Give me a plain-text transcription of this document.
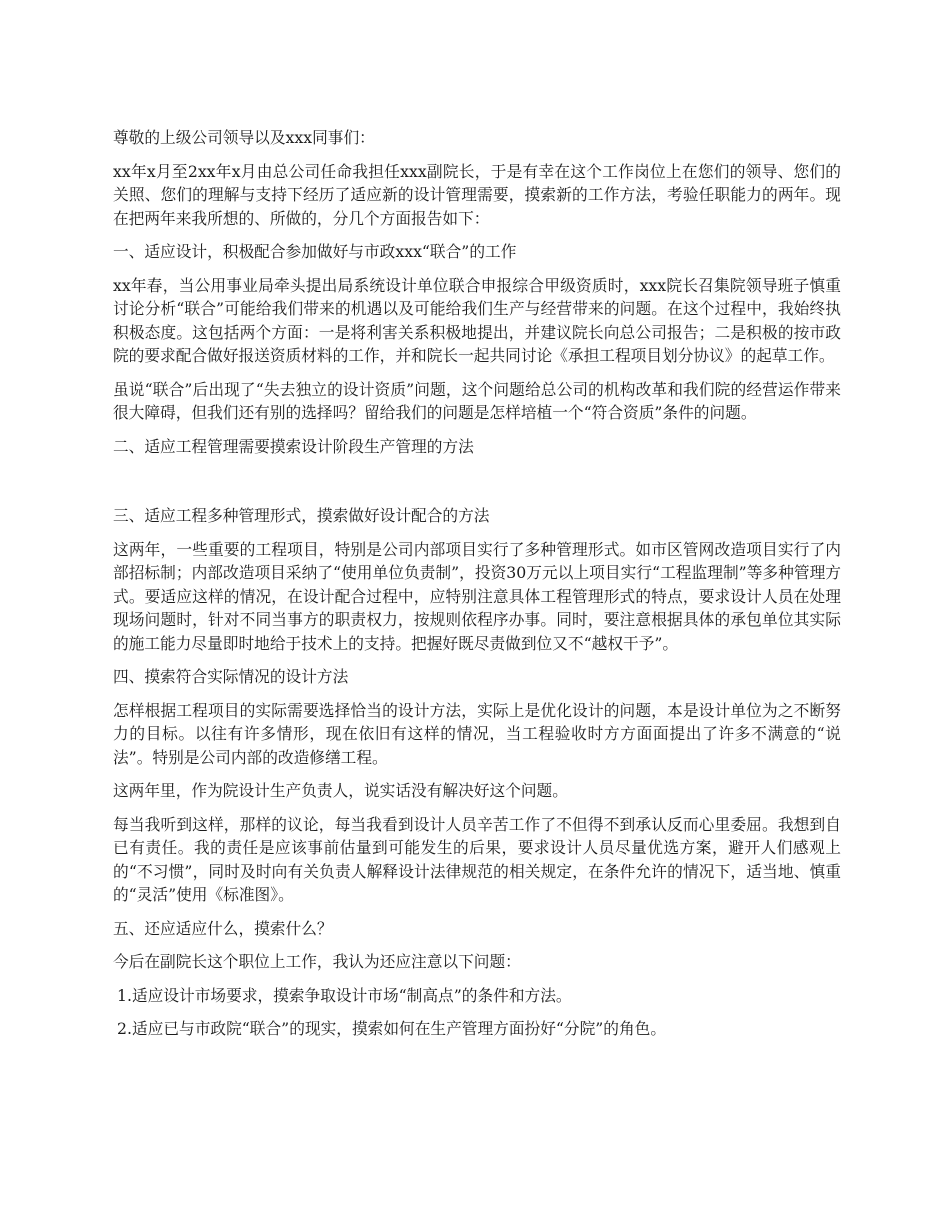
尊敬的上级公司领导以及xxx同事们：

xx年x月至2xx年x月由总公司任命我担任xxx副院长，于是有幸在这个工作岗位上在您们的领导、您们的关照、您们的理解与支持下经历了适应新的设计管理需要，摸索新的工作方法，考验任职能力的两年。现在把两年来我所想的、所做的，分几个方面报告如下：

一、适应设计，积极配合参加做好与市政xxx“联合”的工作

xx年春，当公用事业局牵头提出局系统设计单位联合申报综合甲级资质时，xxx院长召集院领导班子慎重讨论分析“联合”可能给我们带来的机遇以及可能给我们生产与经营带来的问题。在这个过程中，我始终执积极态度。这包括两个方面：一是将利害关系积极地提出，并建议院长向总公司报告；二是积极的按市政院的要求配合做好报送资质材料的工作，并和院长一起共同讨论《承担工程项目划分协议》的起草工作。

虽说“联合”后出现了“失去独立的设计资质”问题，这个问题给总公司的机构改革和我们院的经营运作带来很大障碍，但我们还有别的选择吗？留给我们的问题是怎样培植一个“符合资质”条件的问题。

二、适应工程管理需要摸索设计阶段生产管理的方法

三、适应工程多种管理形式，摸索做好设计配合的方法

这两年，一些重要的工程项目，特别是公司内部项目实行了多种管理形式。如市区管网改造项目实行了内部招标制；内部改造项目采纳了“使用单位负责制”，投资30万元以上项目实行“工程监理制”等多种管理方式。要适应这样的情况，在设计配合过程中，应特别注意具体工程管理形式的特点，要求设计人员在处理现场问题时，针对不同当事方的职责权力，按规则依程序办事。同时，要注意根据具体的承包单位其实际的施工能力尽量即时地给于技术上的支持。把握好既尽责做到位又不“越权干予”。

四、摸索符合实际情况的设计方法

怎样根据工程项目的实际需要选择恰当的设计方法，实际上是优化设计的问题，本是设计单位为之不断努力的目标。以往有许多情形，现在依旧有这样的情况，当工程验收时方方面面提出了许多不满意的“说法”。特别是公司内部的改造修缮工程。

这两年里，作为院设计生产负责人，说实话没有解决好这个问题。

每当我听到这样，那样的议论，每当我看到设计人员辛苦工作了不但得不到承认反而心里委屈。我想到自已有责任。我的责任是应该事前估量到可能发生的后果，要求设计人员尽量优选方案，避开人们感观上的“不习惯”，同时及时向有关负责人解释设计法律规范的相关规定，在条件允许的情况下，适当地、慎重的“灵活”使用《标准图》。

五、还应适应什么，摸索什么？

今后在副院长这个职位上工作，我认为还应注意以下问题：

1.适应设计市场要求，摸索争取设计市场“制高点”的条件和方法。

2.适应已与市政院“联合”的现实，摸索如何在生产管理方面扮好“分院”的角色。
